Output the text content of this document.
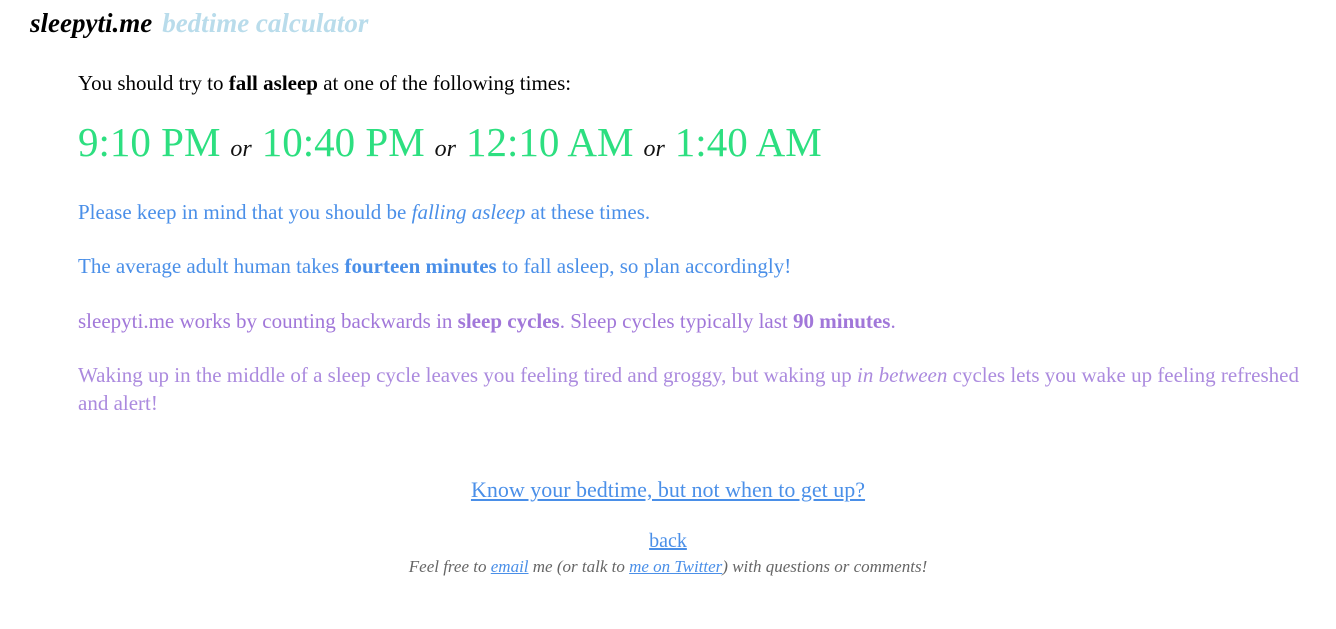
sleepyti.me bedtime calculator

You should try to fall asleep at one of the following times:

9:10 PM or 10:40 PM or 12:10 AM or 1:40 AM

Please keep in mind that you should be falling asleep at these times.

The average adult human takes fourteen minutes to fall asleep, so plan accordingly!

sleepyti.me works by counting backwards in sleep cycles. Sleep cycles typically last 90 minutes.

Waking up in the middle of a sleep cycle leaves you feeling tired and groggy, but waking up in between cycles lets you wake up feeling refreshed and alert!

Know your bedtime, but not when to get up?

back

Feel free to email me (or talk to me on Twitter) with questions or comments!
